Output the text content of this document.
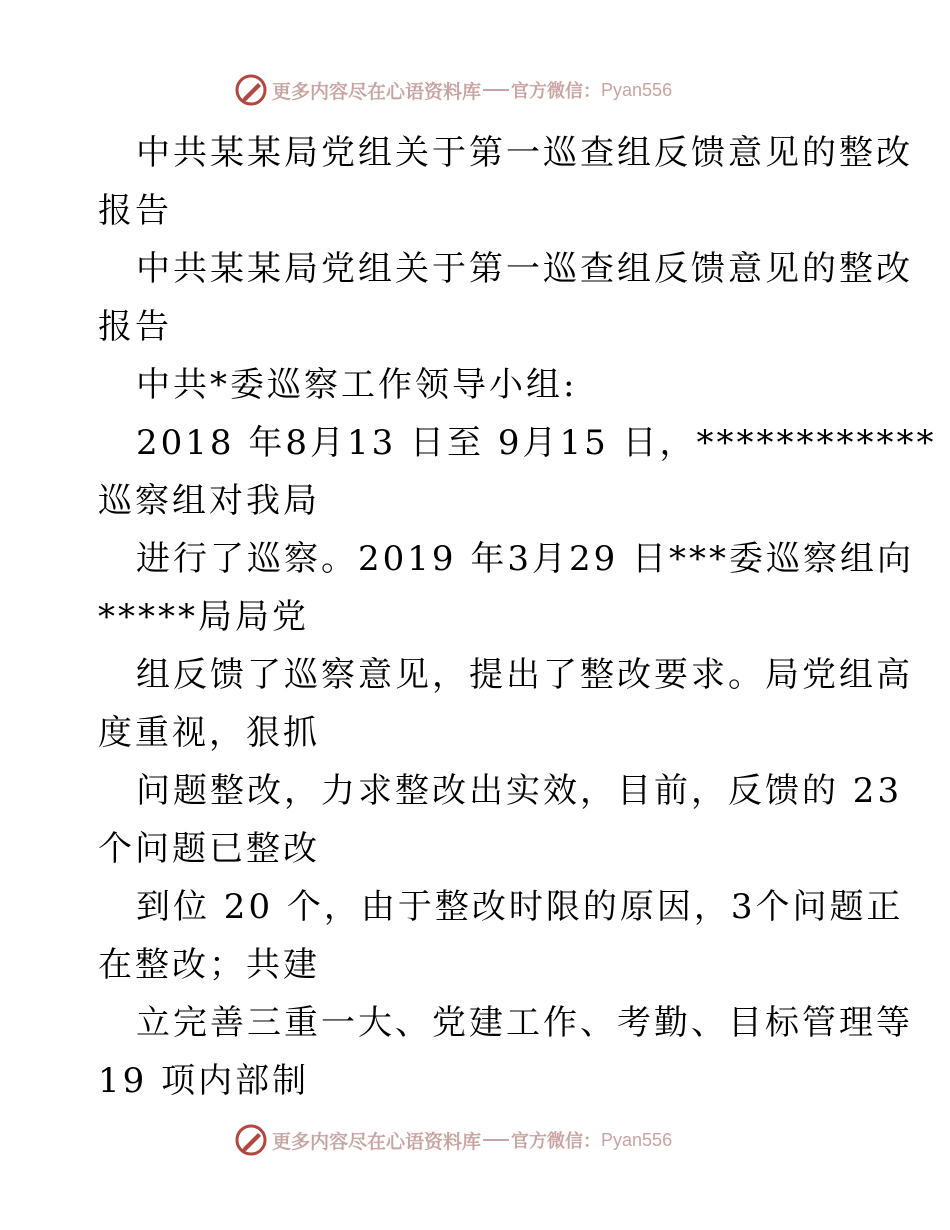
更多内容尽在心语资料库 官方微信： Pyan556
中共某某局党组关于第一巡查组反馈意见的整改
报告
中共某某局党组关于第一巡查组反馈意见的整改
报告
中共*委巡察工作领导小组:
2018 年8月13 日至 9月15 日，************
巡察组对我局
进行了巡察。2019 年3月29 日***委巡察组向
*****局局党
组反馈了巡察意见，提出了整改要求。局党组高
度重视，狠抓
问题整改，力求整改出实效，目前，反馈的 23
个问题已整改
到位 20 个，由于整改时限的原因，3个问题正
在整改；共建
立完善三重一大、党建工作、考勤、目标管理等
19 项内部制
更多内容尽在心语资料库 官方微信： Pyan556
